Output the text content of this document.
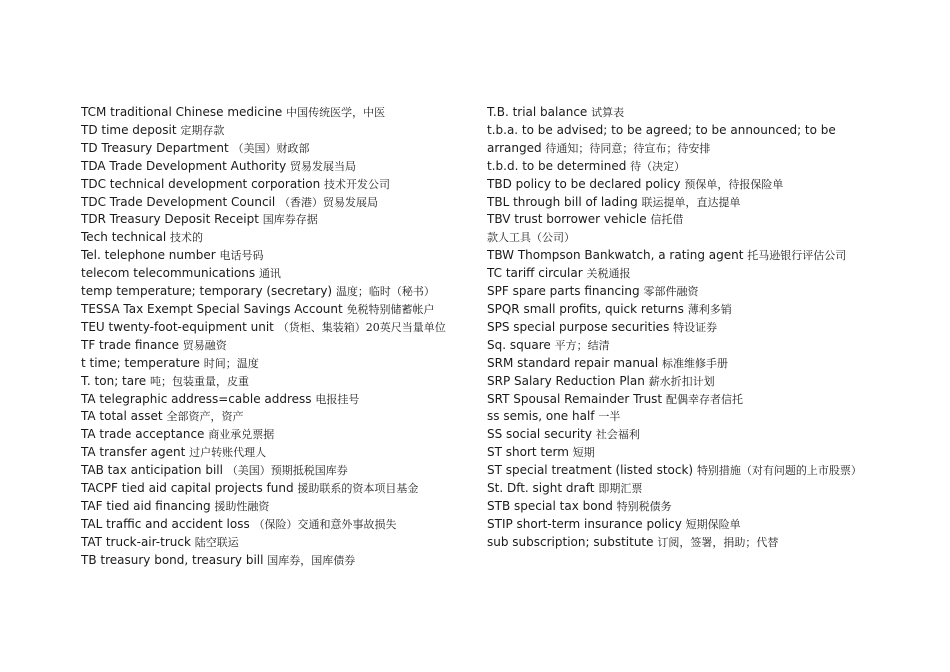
TCM traditional Chinese medicine 中国传统医学，中医
TD time deposit 定期存款
TD Treasury Department （美国）财政部
TDA Trade Development Authority 贸易发展当局
TDC technical development corporation 技术开发公司
TDC Trade Development Council （香港）贸易发展局
TDR Treasury Deposit Receipt 国库券存据
Tech technical 技术的
Tel. telephone number 电话号码
telecom telecommunications 通讯
temp temperature; temporary (secretary) 温度；临时（秘书）
TESSA Tax Exempt Special Savings Account 免税特别储蓄帐户
TEU twenty-foot-equipment unit （货柜、集装箱）20英尺当量单位
TF trade finance 贸易融资
t time; temperature 时间；温度
T. ton; tare 吨；包装重量，皮重
TA telegraphic address=cable address 电报挂号
TA total asset 全部资产，资产
TA trade acceptance 商业承兑票据
TA transfer agent 过户转账代理人
TAB tax anticipation bill （美国）预期抵税国库券
TACPF tied aid capital projects fund 援助联系的资本项目基金
TAF tied aid financing 援助性融资
TAL traffic and accident loss （保险）交通和意外事故损失
TAT truck-air-truck 陆空联运
TB treasury bond, treasury bill 国库券，国库债券
T.B. trial balance 试算表
t.b.a. to be advised; to be agreed; to be announced; to be arranged 待通知；待同意；待宣布；待安排
t.b.d. to be determined 待（决定）
TBD policy to be declared policy 预保单，待报保险单
TBL through bill of lading 联运提单，直达提单
TBV trust borrower vehicle 信托借
款人工具（公司）
TBW Thompson Bankwatch, a rating agent 托马逊银行评估公司
TC tariff circular 关税通报
SPF spare parts financing 零部件融资
SPQR small profits, quick returns 薄利多销
SPS special purpose securities 特设证券
Sq. square 平方；结清
SRM standard repair manual 标准维修手册
SRP Salary Reduction Plan 薪水折扣计划
SRT Spousal Remainder Trust 配偶幸存者信托
ss semis, one half 一半
SS social security 社会福利
ST short term 短期
ST special treatment (listed stock) 特别措施（对有问题的上市股票）
St. Dft. sight draft 即期汇票
STB special tax bond 特别税债务
STIP short-term insurance policy 短期保险单
sub subscription; substitute 订阅，签署，捐助；代替
